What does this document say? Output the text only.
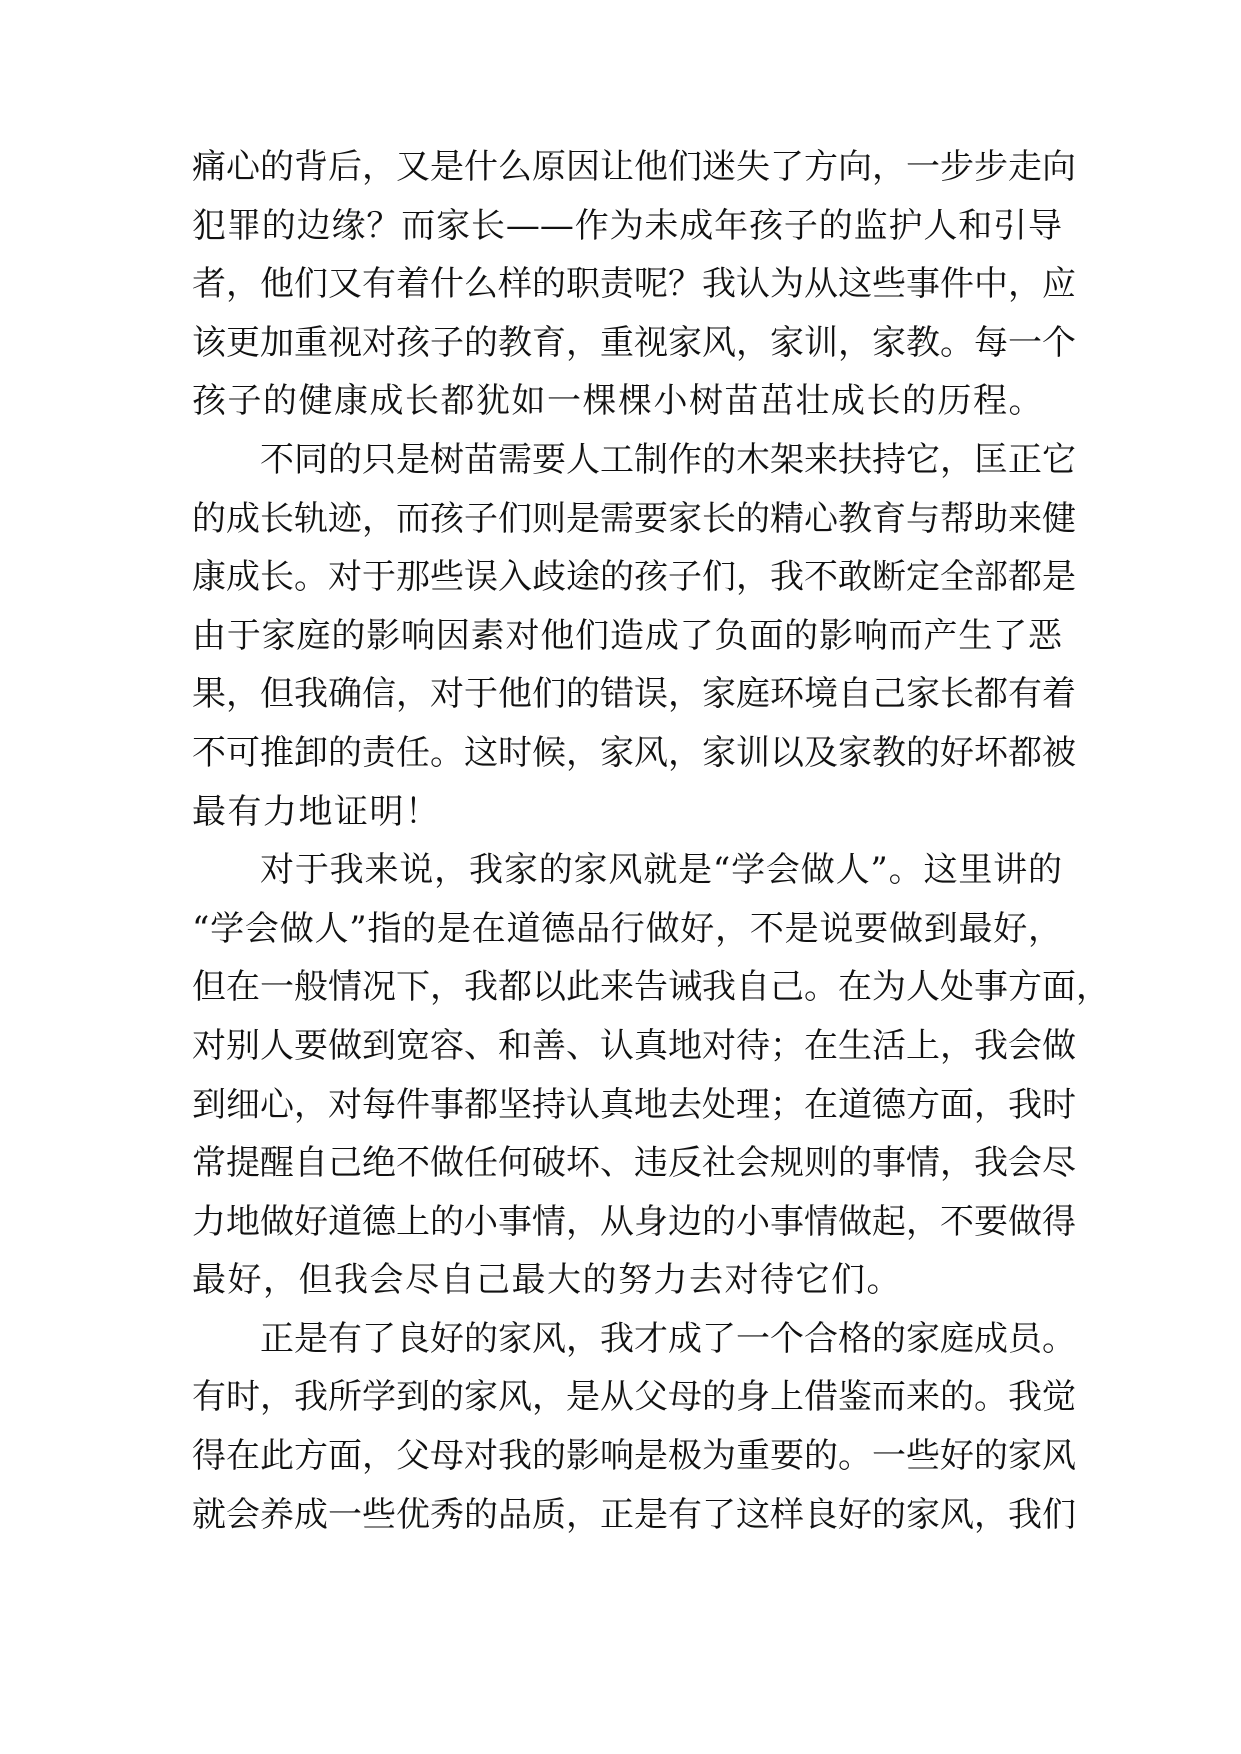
痛心的背后，又是什么原因让他们迷失了方向，一步步走向
犯罪的边缘？而家长——作为未成年孩子的监护人和引导
者，他们又有着什么样的职责呢？我认为从这些事件中，应
该更加重视对孩子的教育，重视家风，家训，家教。每一个
孩子的健康成长都犹如一棵棵小树苗茁壮成长的历程。
不同的只是树苗需要人工制作的木架来扶持它，匡正它
的成长轨迹，而孩子们则是需要家长的精心教育与帮助来健
康成长。对于那些误入歧途的孩子们，我不敢断定全部都是
由于家庭的影响因素对他们造成了负面的影响而产生了恶
果，但我确信，对于他们的错误，家庭环境自己家长都有着
不可推卸的责任。这时候，家风，家训以及家教的好坏都被
最有力地证明！
对于我来说，我家的家风就是“学会做人”。这里讲的
“学会做人”指的是在道德品行做好，不是说要做到最好，
但在一般情况下，我都以此来告诫我自己。在为人处事方面，
对别人要做到宽容、和善、认真地对待；在生活上，我会做
到细心，对每件事都坚持认真地去处理；在道德方面，我时
常提醒自己绝不做任何破坏、违反社会规则的事情，我会尽
力地做好道德上的小事情，从身边的小事情做起，不要做得
最好，但我会尽自己最大的努力去对待它们。
正是有了良好的家风，我才成了一个合格的家庭成员。
有时，我所学到的家风，是从父母的身上借鉴而来的。我觉
得在此方面，父母对我的影响是极为重要的。一些好的家风
就会养成一些优秀的品质，正是有了这样良好的家风，我们
